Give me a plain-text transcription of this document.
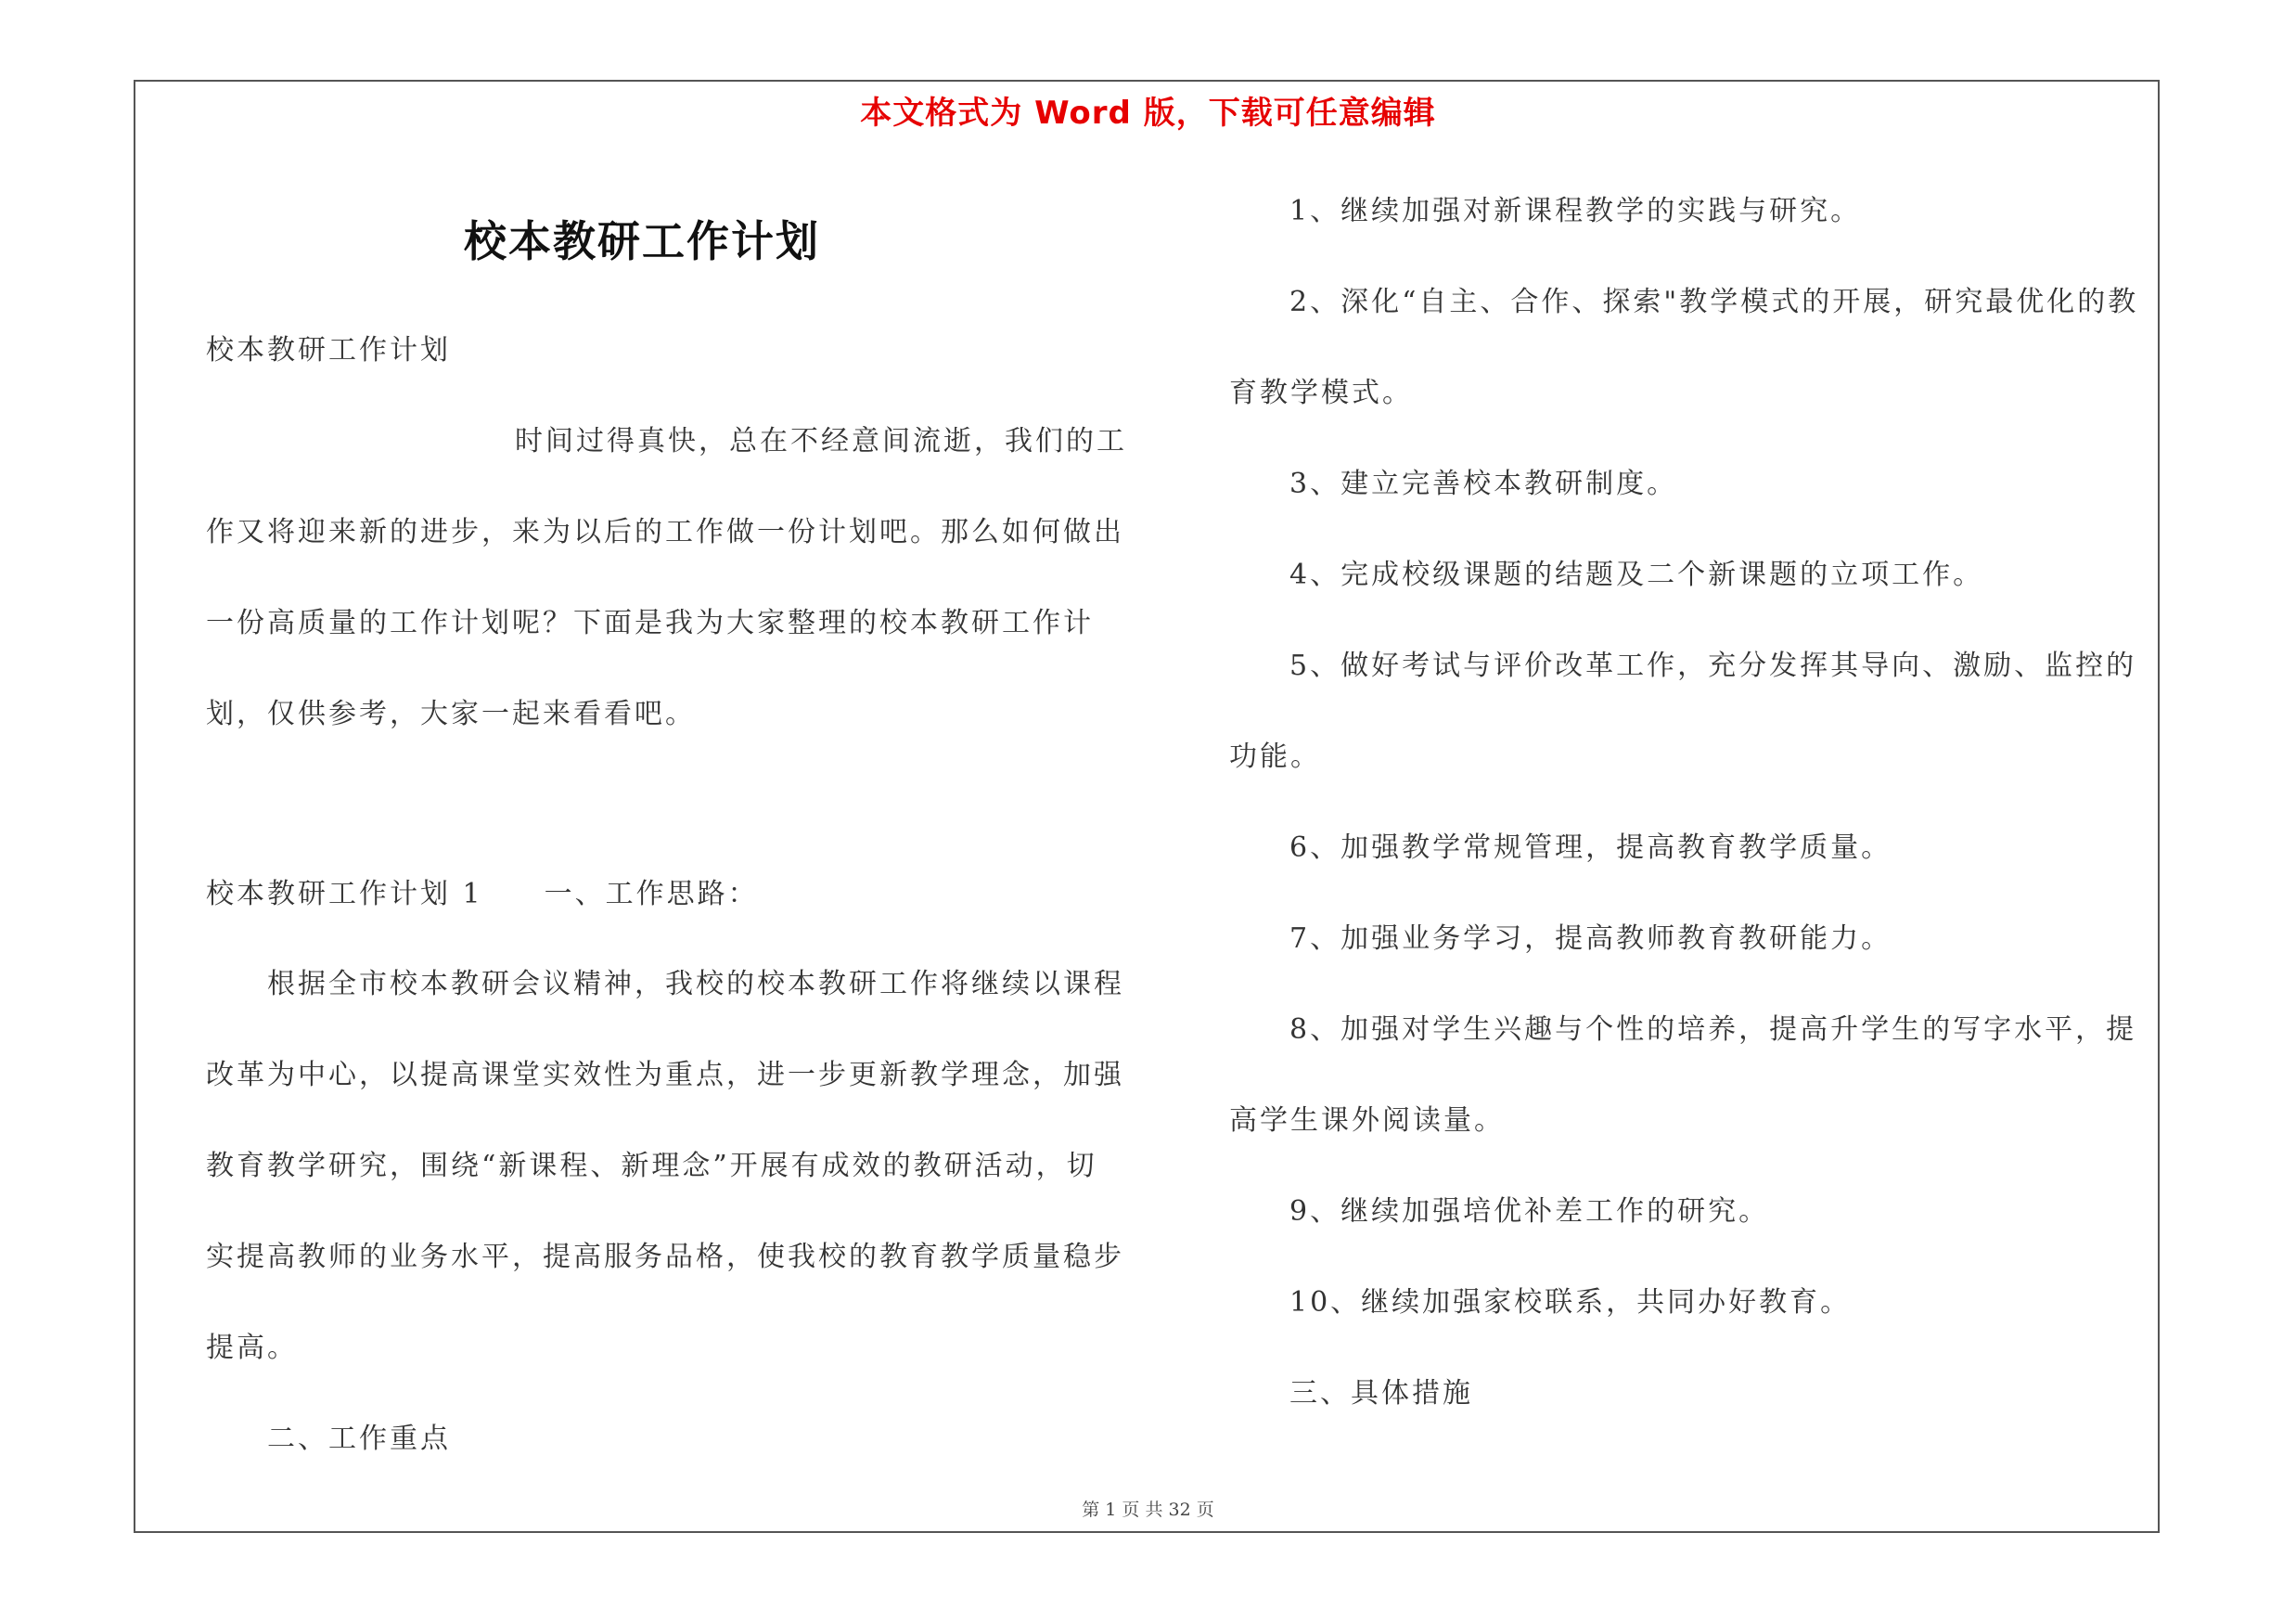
本文格式为 Word 版，下载可任意编辑
校本教研工作计划
校本教研工作计划
时间过得真快，总在不经意间流逝，我们的工
作又将迎来新的进步，来为以后的工作做一份计划吧。那么如何做出
一份高质量的工作计划呢？下面是我为大家整理的校本教研工作计
划，仅供参考，大家一起来看看吧。
校本教研工作计划 1　　一、工作思路：
根据全市校本教研会议精神，我校的校本教研工作将继续以课程
改革为中心，以提高课堂实效性为重点，进一步更新教学理念，加强
教育教学研究，围绕“新课程、新理念”开展有成效的教研活动，切
实提高教师的业务水平，提高服务品格，使我校的教育教学质量稳步
提高。
二、工作重点
1、继续加强对新课程教学的实践与研究。
2、深化“自主、合作、探索"教学模式的开展，研究最优化的教
育教学模式。
3、建立完善校本教研制度。
4、完成校级课题的结题及二个新课题的立项工作。
5、做好考试与评价改革工作，充分发挥其导向、激励、监控的
功能。
6、加强教学常规管理，提高教育教学质量。
7、加强业务学习，提高教师教育教研能力。
8、加强对学生兴趣与个性的培养，提高升学生的写字水平，提
高学生课外阅读量。
9、继续加强培优补差工作的研究。
10、继续加强家校联系，共同办好教育。
三、具体措施
第 1 页 共 32 页
